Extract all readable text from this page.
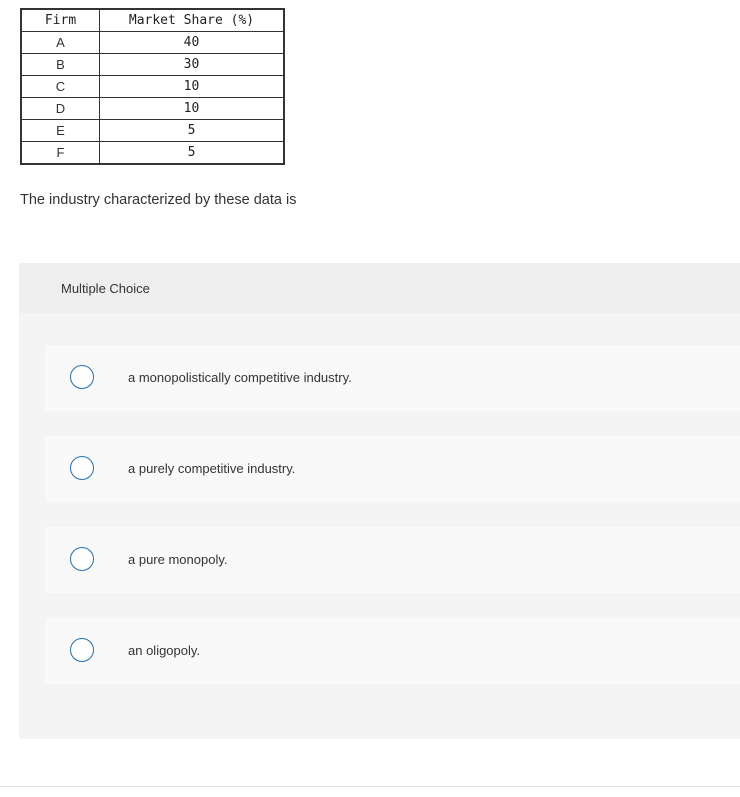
Firm	Market Share (%)
A	40
B	30
C	10
D	10
E	5
F	5
The industry characterized by these data is
Multiple Choice
a monopolistically competitive industry.
a purely competitive industry.
a pure monopoly.
an oligopoly.
